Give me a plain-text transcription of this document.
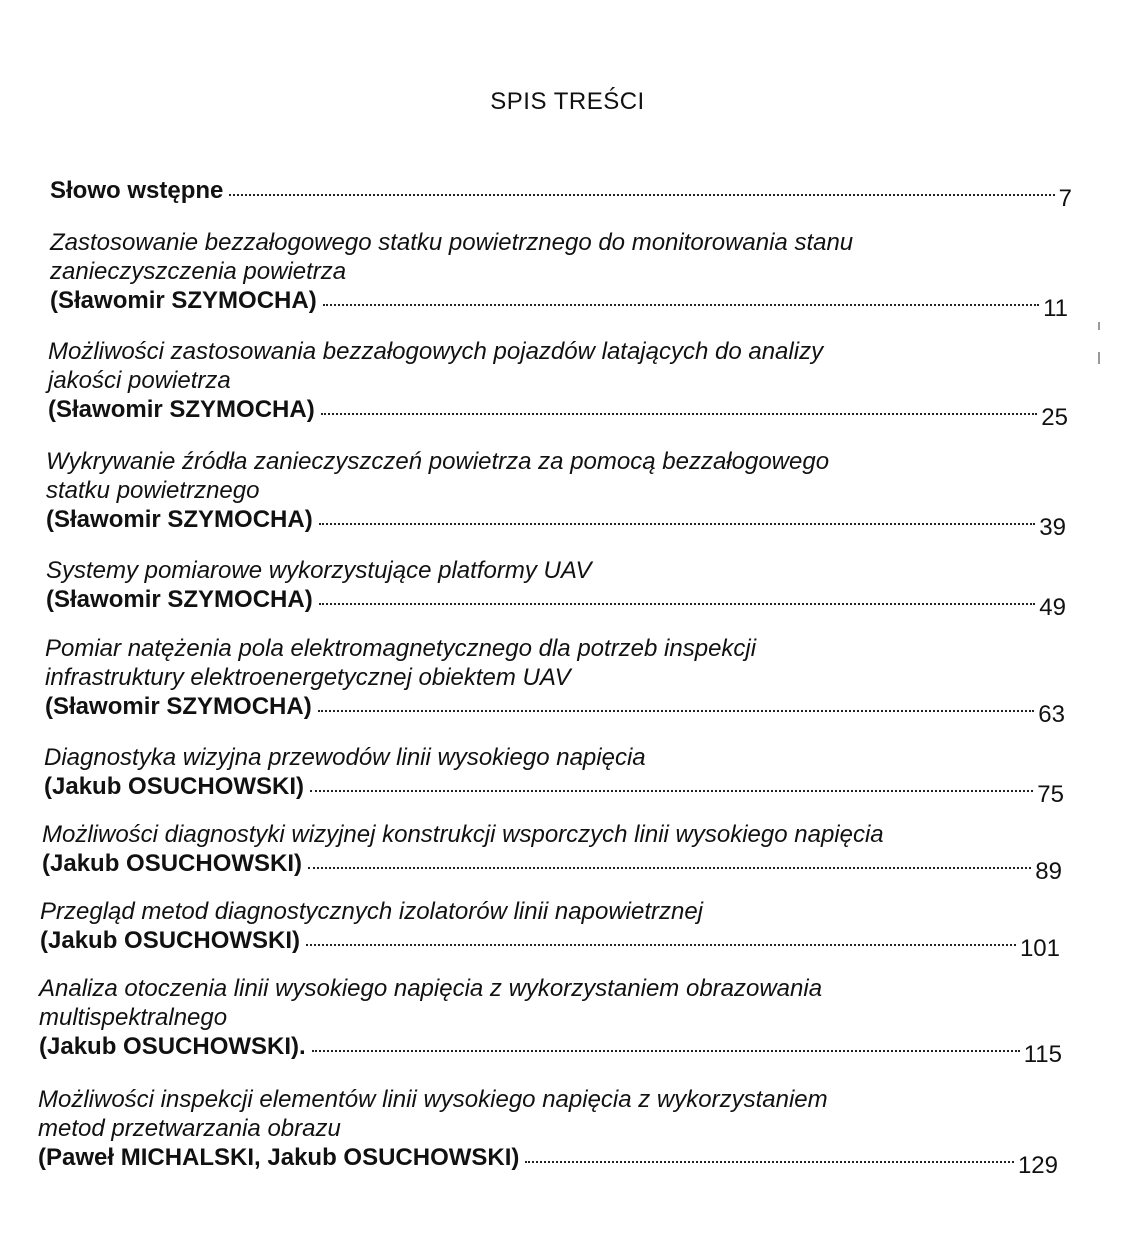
SPIS TREŚCI
Słowo wstępne	7
Zastosowanie bezzałogowego statku powietrznego do monitorowania stanu
zanieczyszczenia powietrza
(Sławomir SZYMOCHA)	11
Możliwości zastosowania bezzałogowych pojazdów latających do analizy
jakości powietrza
(Sławomir SZYMOCHA)	25
Wykrywanie źródła zanieczyszczeń powietrza za pomocą bezzałogowego
statku powietrznego
(Sławomir SZYMOCHA)	39
Systemy pomiarowe wykorzystujące platformy UAV
(Sławomir SZYMOCHA)	49
Pomiar natężenia pola elektromagnetycznego dla potrzeb inspekcji
infrastruktury elektroenergetycznej obiektem UAV
(Sławomir SZYMOCHA)	63
Diagnostyka wizyjna przewodów linii wysokiego napięcia
(Jakub OSUCHOWSKI)	75
Możliwości diagnostyki wizyjnej konstrukcji wsporczych linii wysokiego napięcia
(Jakub OSUCHOWSKI)	89
Przegląd metod diagnostycznych izolatorów linii napowietrznej
(Jakub OSUCHOWSKI)	101
Analiza otoczenia linii wysokiego napięcia z wykorzystaniem obrazowania
multispektralnego
(Jakub OSUCHOWSKI).	115
Możliwości inspekcji elementów linii wysokiego napięcia z wykorzystaniem
metod przetwarzania obrazu
(Paweł MICHALSKI, Jakub OSUCHOWSKI)	129
